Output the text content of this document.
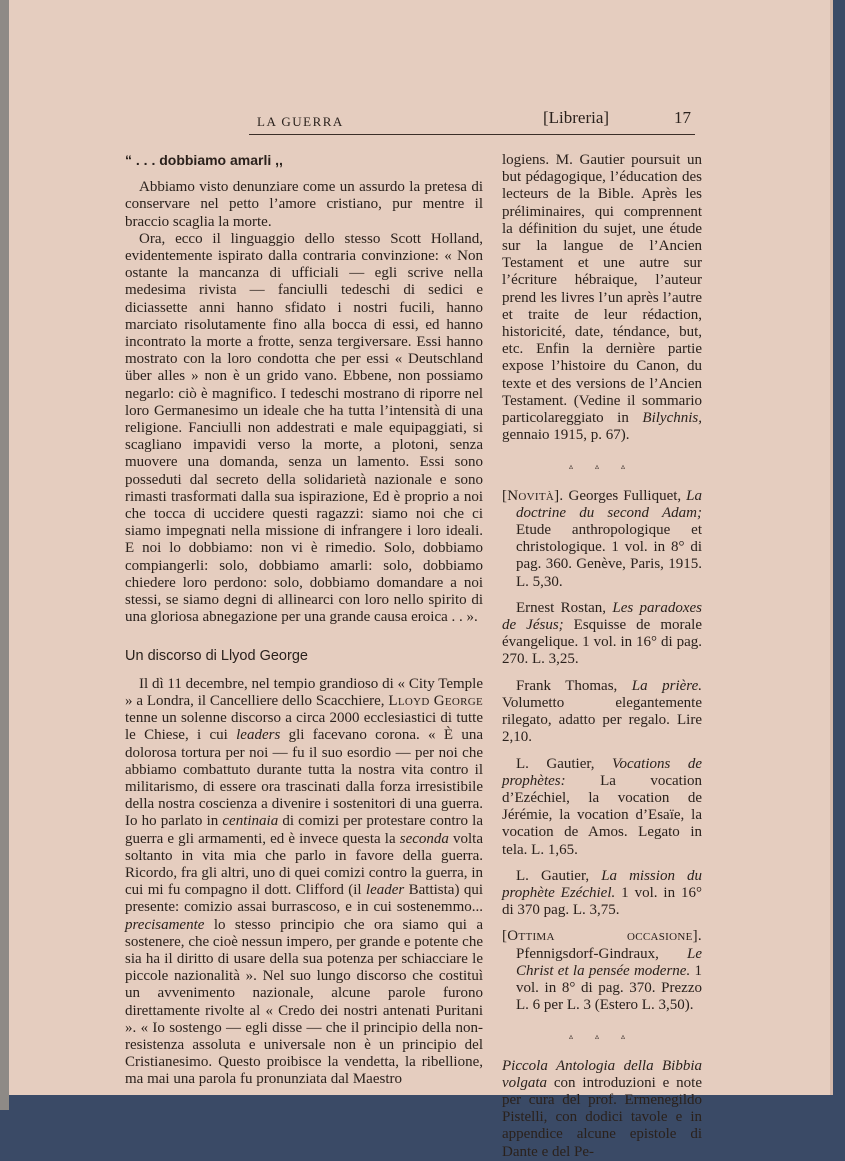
LA GUERRA	[Libreria]	17
“ . . . dobbiamo amarli ,,

Abbiamo visto denunziare come un assurdo la pretesa di conservare nel petto l’amore cristiano, pur mentre il braccio scaglia la morte.

Ora, ecco il linguaggio dello stesso Scott Holland, evidentemente ispirato dalla contraria convinzione: « Non ostante la mancanza di ufficiali — egli scrive nella medesima rivista — fanciulli tedeschi di sedici e diciassette anni hanno sfidato i nostri fucili, hanno marciato risolutamente fino alla bocca di essi, ed hanno incontrato la morte a frotte, senza tergiversare. Essi hanno mostrato con la loro condotta che per essi « Deutschland über alles » non è un grido vano. Ebbene, non possiamo negarlo: ciò è magnifico. I tedeschi mostrano di riporre nel loro Germanesimo un ideale che ha tutta l’intensità di una religione. Fanciulli non addestrati e male equipaggiati, si scagliano impavidi verso la morte, a plotoni, senza muovere una domanda, senza un lamento. Essi sono posseduti dal secreto della solidarietà nazionale e sono rimasti trasformati dalla sua ispirazione, Ed è proprio a noi che tocca di uccidere questi ragazzi: siamo noi che ci siamo impegnati nella missione di infrangere i loro ideali. E noi lo dobbiamo: non vi è rimedio. Solo, dobbiamo compiangerli: solo, dobbiamo amarli: solo, dobbiamo chiedere loro perdono: solo, dobbiamo domandare a noi stessi, se siamo degni di allinearci con loro nello spirito di una gloriosa abnegazione per una grande causa eroica . . ».

Un discorso di Llyod George

Il dì 11 decembre, nel tempio grandioso di « City Temple » a Londra, il Cancelliere dello Scacchiere, Lloyd George tenne un solenne discorso a circa 2000 ecclesiastici di tutte le Chiese, i cui leaders gli facevano corona. « È una dolorosa tortura per noi — fu il suo esordio — per noi che abbiamo combattuto durante tutta la nostra vita contro il militarismo, di essere ora trascinati dalla forza irresistibile della nostra coscienza a divenire i sostenitori di una guerra. Io ho parlato in centinaia di comizi per protestare contro la guerra e gli armamenti, ed è invece questa la seconda volta soltanto in vita mia che parlo in favore della guerra. Ricordo, fra gli altri, uno di quei comizi contro la guerra, in cui mi fu compagno il dott. Clifford (il leader Battista) qui presente: comizio assai burrascoso, e in cui sostenemmo... precisamente lo stesso principio che ora siamo qui a sostenere, che cioè nessun impero, per grande e potente che sia ha il diritto di usare della sua potenza per schiacciare le piccole nazionalità ». Nel suo lungo discorso che costituì un avvenimento nazionale, alcune parole furono direttamente rivolte al « Credo dei nostri antenati Puritani ». « Io sostengo — egli disse — che il principio della non-resistenza assoluta e universale non è un principio del Cristianesimo. Questo proibisce la vendetta, la ribellione, ma mai una parola fu pronunziata dal Maestro

logiens. M. Gautier poursuit un but pédagogique, l’éducation des lecteurs de la Bible. Après les préliminaires, qui comprennent la définition du sujet, une étude sur la langue de l’Ancien Testament et une autre sur l’écriture hébraique, l’auteur prend les livres l’un après l’autre et traite de leur rédaction, historicité, date, téndance, but, etc. Enfin la dernière partie expose l’histoire du Canon, du texte et des versions de l’Ancien Testament. (Vedine il sommario particolareggiato in Bilychnis, gennaio 1915, p. 67).

▵ ▵ ▵

[Novità]. Georges Fulliquet, La doctrine du second Adam; Etude anthropologique et christologique. 1 vol. in 8° di pag. 360. Genève, Paris, 1915. L. 5,30.

Ernest Rostan, Les paradoxes de Jésus; Esquisse de morale évangelique. 1 vol. in 16° di pag. 270. L. 3,25.

Frank Thomas, La prière. Volumetto elegantemente rilegato, adatto per regalo. Lire 2,10.

L. Gautier, Vocations de prophètes: La vocation d’Ezéchiel, la vocation de Jérémie, la vocation d’Esaïe, la vocation de Amos. Legato in tela. L. 1,65.

L. Gautier, La mission du prophète Ezéchiel. 1 vol. in 16° di 370 pag. L. 3,75.

[Ottima occasione]. Pfennigsdorf-Gindraux, Le Christ et la pensée moderne. 1 vol. in 8° di pag. 370. Prezzo L. 6 per L. 3 (Estero L. 3,50).

▵ ▵ ▵

Piccola Antologia della Bibbia volgata con introduzioni e note per cura del prof. Ermenegildo Pistelli, con dodici tavole e in appendice alcune epistole di Dante e del Pe-
